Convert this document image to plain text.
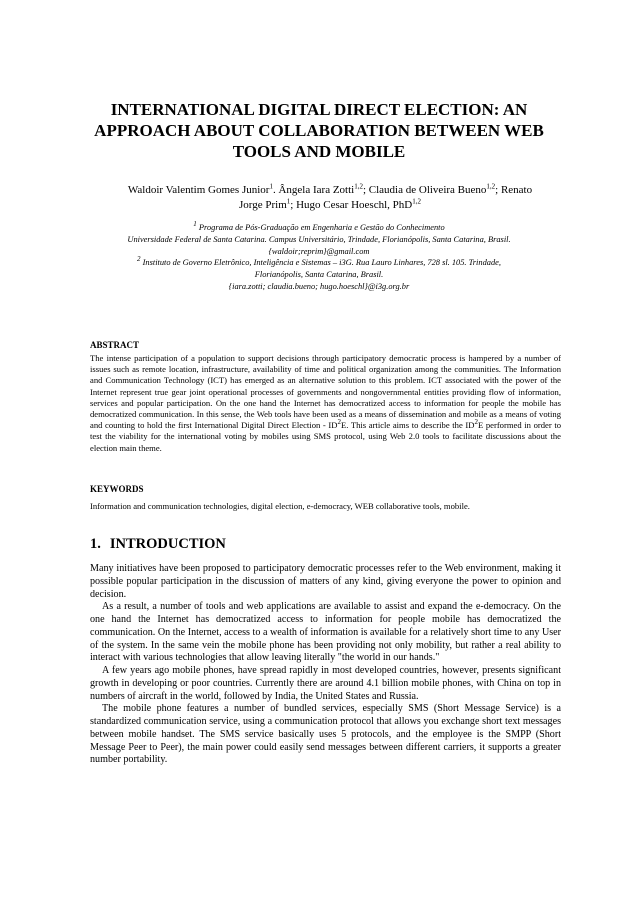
INTERNATIONAL DIGITAL DIRECT ELECTION: AN
APPROACH ABOUT COLLABORATION BETWEEN WEB
TOOLS AND MOBILE
Waldoir Valentim Gomes Junior$^1$. Ângela Iara Zotti$^{1,2}$; Claudia de Oliveira Bueno$^{1,2}$; Renato
Jorge Prim$^1$; Hugo Cesar Hoeschl, PhD$^{1,2}$
$^1$ Programa de Pós-Graduação em Engenharia e Gestão do Conhecimento
Universidade Federal de Santa Catarina. Campus Universitário, Trindade, Florianópolis, Santa Catarina, Brasil.
{waldoir;reprim}@gmail.com
$^2$ Instituto de Governo Eletrônico, Inteligência e Sistemas – i3G. Rua Lauro Linhares, 728 sl. 105. Trindade,
Florianópolis, Santa Catarina, Brasil.
{iara.zotti; claudia.bueno; hugo.hoeschl}@i3g.org.br
ABSTRACT

The intense participation of a population to support decisions through participatory democratic process is hampered by a number of issues such as remote location, infrastructure, availability of time and political organization among the communities. The Information and Communication Technology (ICT) has emerged as an alternative solution to this problem. ICT associated with the power of the Internet represent true gear joint operational processes of governments and nongovernmental entities providing flow of information, services and popular participation. On the one hand the Internet has democratized access to information for people the mobile has democratized communication. In this sense, the Web tools have been used as a means of dissemination and mobile as a means of voting and counting to hold the first International Digital Direct Election - $ID^2E$. This article aims to describe the $ID^2E$ performed in order to test the viability for the international voting by mobiles using SMS protocol, using Web 2.0 tools to facilitate discussions about the election main theme.

KEYWORDS

Information and communication technologies, digital election, e-democracy, WEB collaborative tools, mobile.

1. INTRODUCTION

Many initiatives have been proposed to participatory democratic processes refer to the Web environment, making it possible popular participation in the discussion of matters of any kind, giving everyone the power to opinion and decision.

As a result, a number of tools and web applications are available to assist and expand the e-democracy. On the one hand the Internet has democratized access to information for people mobile has democratized the communication. On the Internet, access to a wealth of information is available for a relatively short time to any User of the system. In the same vein the mobile phone has been providing not only mobility, but rather a real ability to interact with various technologies that allow leaving literally "the world in our hands."

A few years ago mobile phones, have spread rapidly in most developed countries, however, presents significant growth in developing or poor countries. Currently there are around 4.1 billion mobile phones, with China on top in numbers of aircraft in the world, followed by India, the United States and Russia.

The mobile phone features a number of bundled services, especially SMS (Short Message Service) is a standardized communication service, using a communication protocol that allows you exchange short text messages between mobile handset. The SMS service basically uses 5 protocols, and the employee is the SMPP (Short Message Peer to Peer), the main power could easily send messages between different carriers, it supports a greater number portability.
